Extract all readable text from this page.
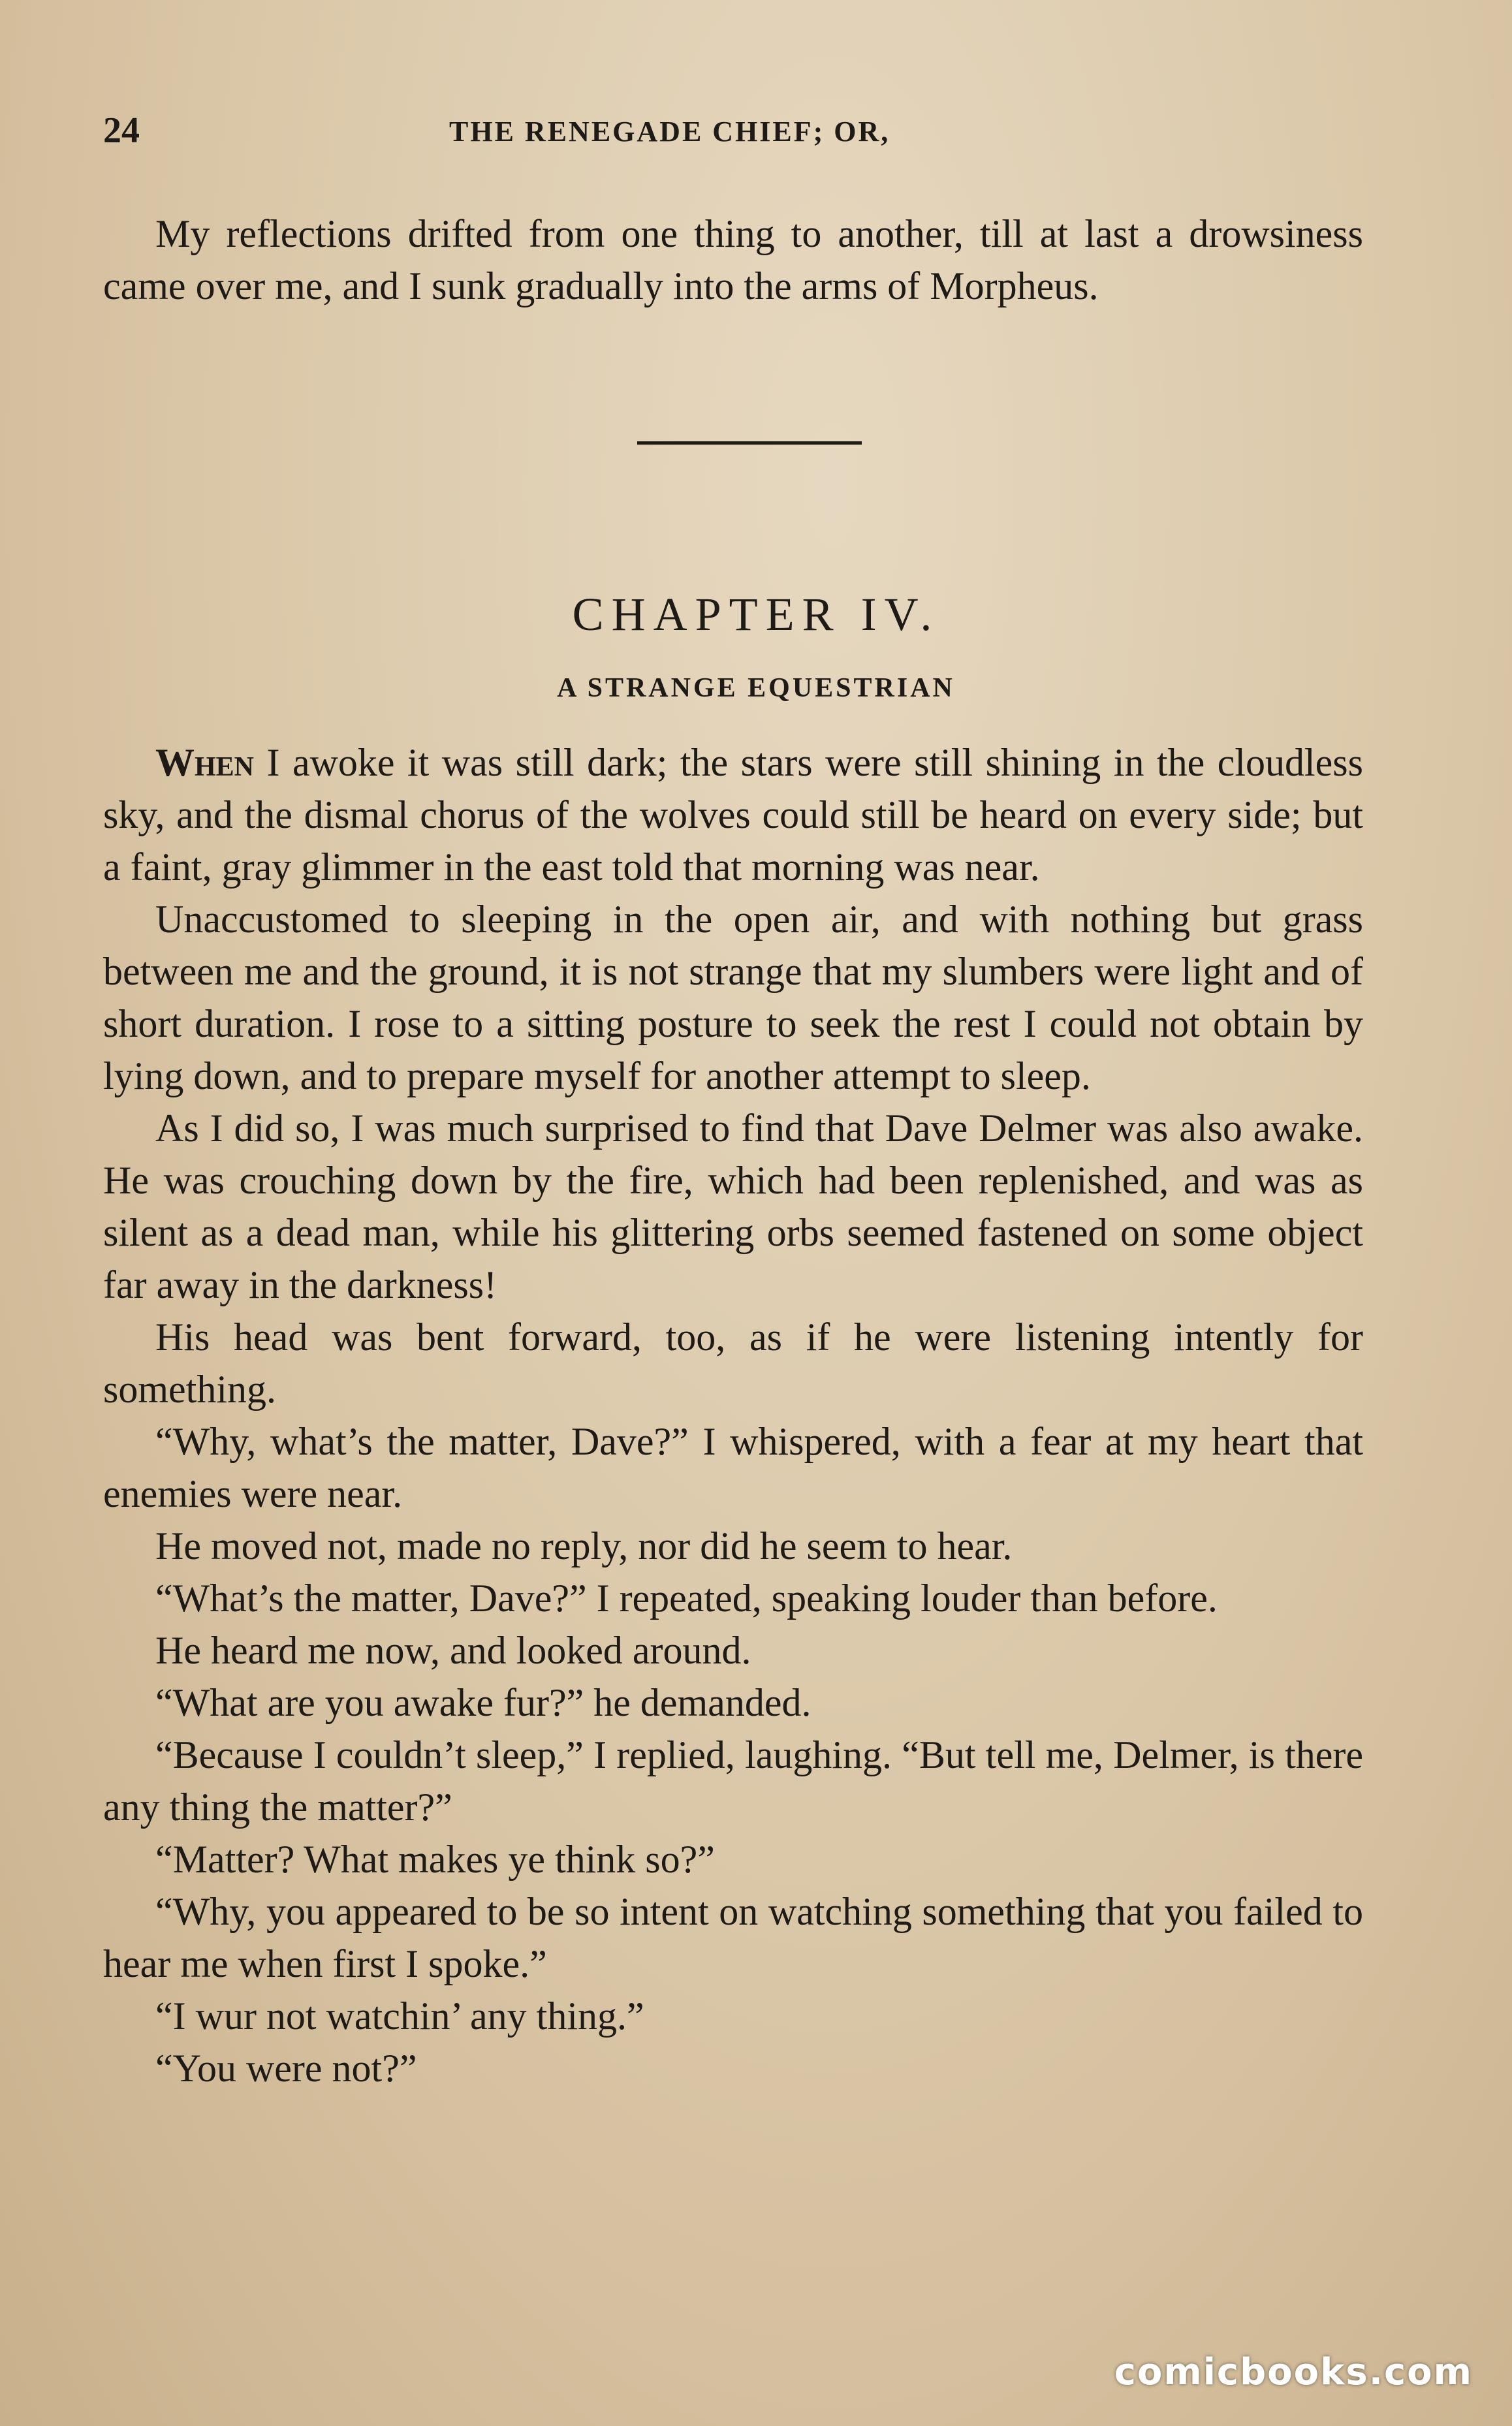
24	THE RENEGADE CHIEF; OR,

My reflections drifted from one thing to another, till at last a drowsiness came over me, and I sunk gradually into the arms of Morpheus.

CHAPTER IV.
A STRANGE EQUESTRIAN

When I awoke it was still dark; the stars were still shining in the cloudless sky, and the dismal chorus of the wolves could still be heard on every side; but a faint, gray glimmer in the east told that morning was near.

Unaccustomed to sleeping in the open air, and with nothing but grass between me and the ground, it is not strange that my slumbers were light and of short duration. I rose to a sitting posture to seek the rest I could not obtain by lying down, and to prepare myself for another attempt to sleep.

As I did so, I was much surprised to find that Dave Delmer was also awake. He was crouching down by the fire, which had been replenished, and was as silent as a dead man, while his glittering orbs seemed fastened on some object far away in the darkness!

His head was bent forward, too, as if he were listening intently for something.

“Why, what’s the matter, Dave?” I whispered, with a fear at my heart that enemies were near.

He moved not, made no reply, nor did he seem to hear.

“What’s the matter, Dave?” I repeated, speaking louder than before.

He heard me now, and looked around.

“What are you awake fur?” he demanded.

“Because I couldn’t sleep,” I replied, laughing. “But tell me, Delmer, is there any thing the matter?”

“Matter? What makes ye think so?”

“Why, you appeared to be so intent on watching something that you failed to hear me when first I spoke.”

“I wur not watchin’ any thing.”

“You were not?”

comicbooks.com
